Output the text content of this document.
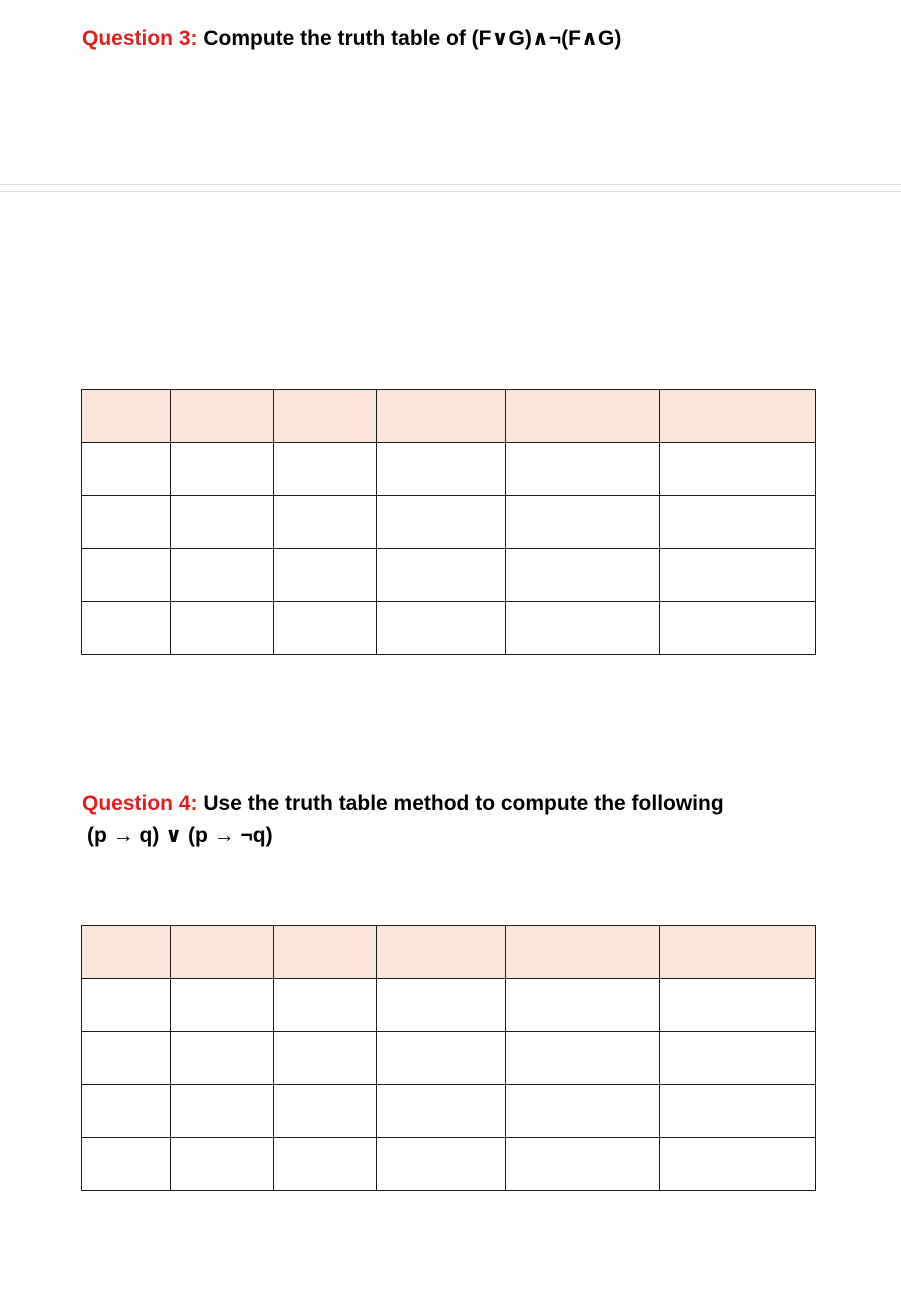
Question 3: Compute the truth table of (F∨G)∧¬(F∧G)

Question 4: Use the truth table method to compute the following
(p → q) ∨ (p → ¬q)
